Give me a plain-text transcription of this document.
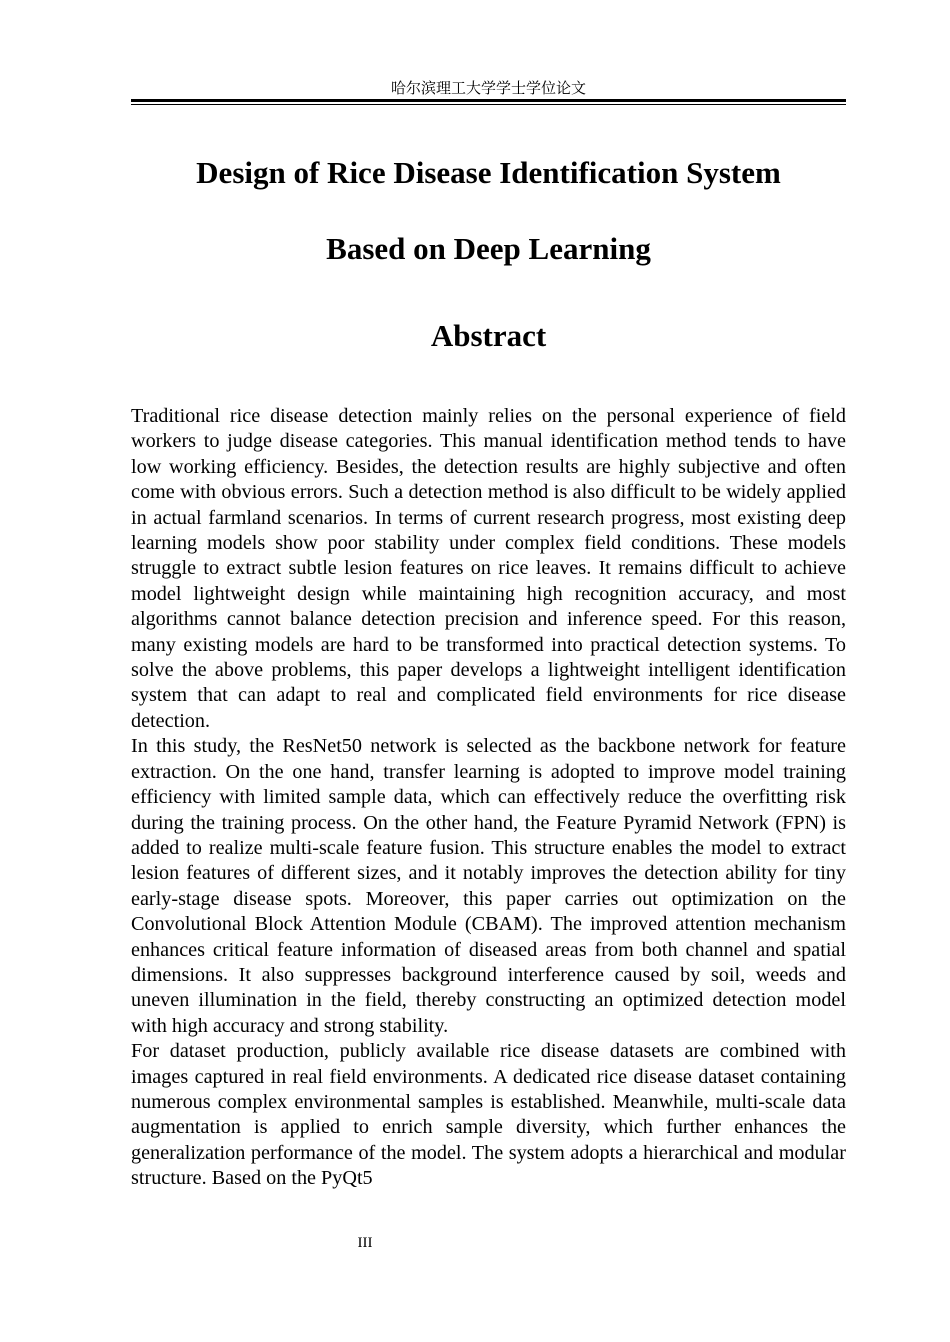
哈尔滨理工大学学士学位论文
Design of Rice Disease Identification System
Based on Deep Learning
Abstract

Traditional rice disease detection mainly relies on the personal experience of field workers to judge disease categories. This manual identification method tends to have low working efficiency. Besides, the detection results are highly subjective and often come with obvious errors. Such a detection method is also difficult to be widely applied in actual farmland scenarios. In terms of current research progress, most existing deep learning models show poor stability under complex field conditions. These models struggle to extract subtle lesion features on rice leaves. It remains difficult to achieve model lightweight design while maintaining high recognition accuracy, and most algorithms cannot balance detection precision and inference speed. For this reason, many existing models are hard to be transformed into practical detection systems. To solve the above problems, this paper develops a lightweight intelligent identification system that can adapt to real and complicated field environments for rice disease detection.

In this study, the ResNet50 network is selected as the backbone network for feature extraction. On the one hand, transfer learning is adopted to improve model training efficiency with limited sample data, which can effectively reduce the overfitting risk during the training process. On the other hand, the Feature Pyramid Network (FPN) is added to realize multi-scale feature fusion. This structure enables the model to extract lesion features of different sizes, and it notably improves the detection ability for tiny early-stage disease spots. Moreover, this paper carries out optimization on the Convolutional Block Attention Module (CBAM). The improved attention mechanism enhances critical feature information of diseased areas from both channel and spatial dimensions. It also suppresses background interference caused by soil, weeds and uneven illumination in the field, thereby constructing an optimized detection model with high accuracy and strong stability.

For dataset production, publicly available rice disease datasets are combined with images captured in real field environments. A dedicated rice disease dataset containing numerous complex environmental samples is established. Meanwhile, multi-scale data augmentation is applied to enrich sample diversity, which further enhances the generalization performance of the model. The system adopts a hierarchical and modular structure. Based on the PyQt5

III
